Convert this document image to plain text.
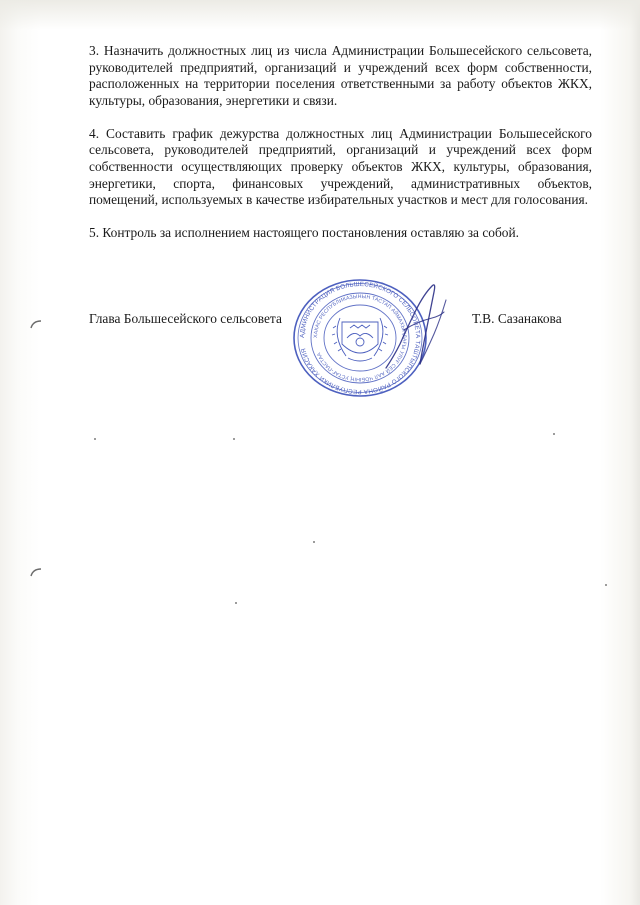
3. Назначить должностных лиц из числа Администрации Большесейского сельсовета, руководителей предприятий, организаций и учреждений всех форм собственности, расположенных на территории поселения ответственными за работу объектов ЖКХ, культуры, образования, энергетики и связи.

4. Составить график дежурства должностных лиц Администрации Большесейского сельсовета, руководителей предприятий, организаций и учреждений всех форм собственности осуществляющих проверку объектов ЖКХ, культуры, образования, энергетики, спорта, финансовых учреждений, административных объектов, помещений, используемых в качестве избирательных участков и мест для голосования.

5. Контроль за исполнением настоящего постановления оставляю за собой.

Глава Большесейского сельсовета	Т.В. Сазанакова
АДМИНИСТРАЦИЯ БОЛЬШЕСЕЙСКОГО СЕЛЬСОВЕТА ТАШТЫПСКОГО РАЙОНА РЕСПУБЛИКИ ХАКАСИЯ
ХАКАС РЕСПУБЛИКАЗЫНЫН ТАСТАП АЙМАХЫНДАҒЫ УЛУҒ СЕЙ ААЛ ЧӦБІНІҢ УСТАҒ-ПАСТАА
